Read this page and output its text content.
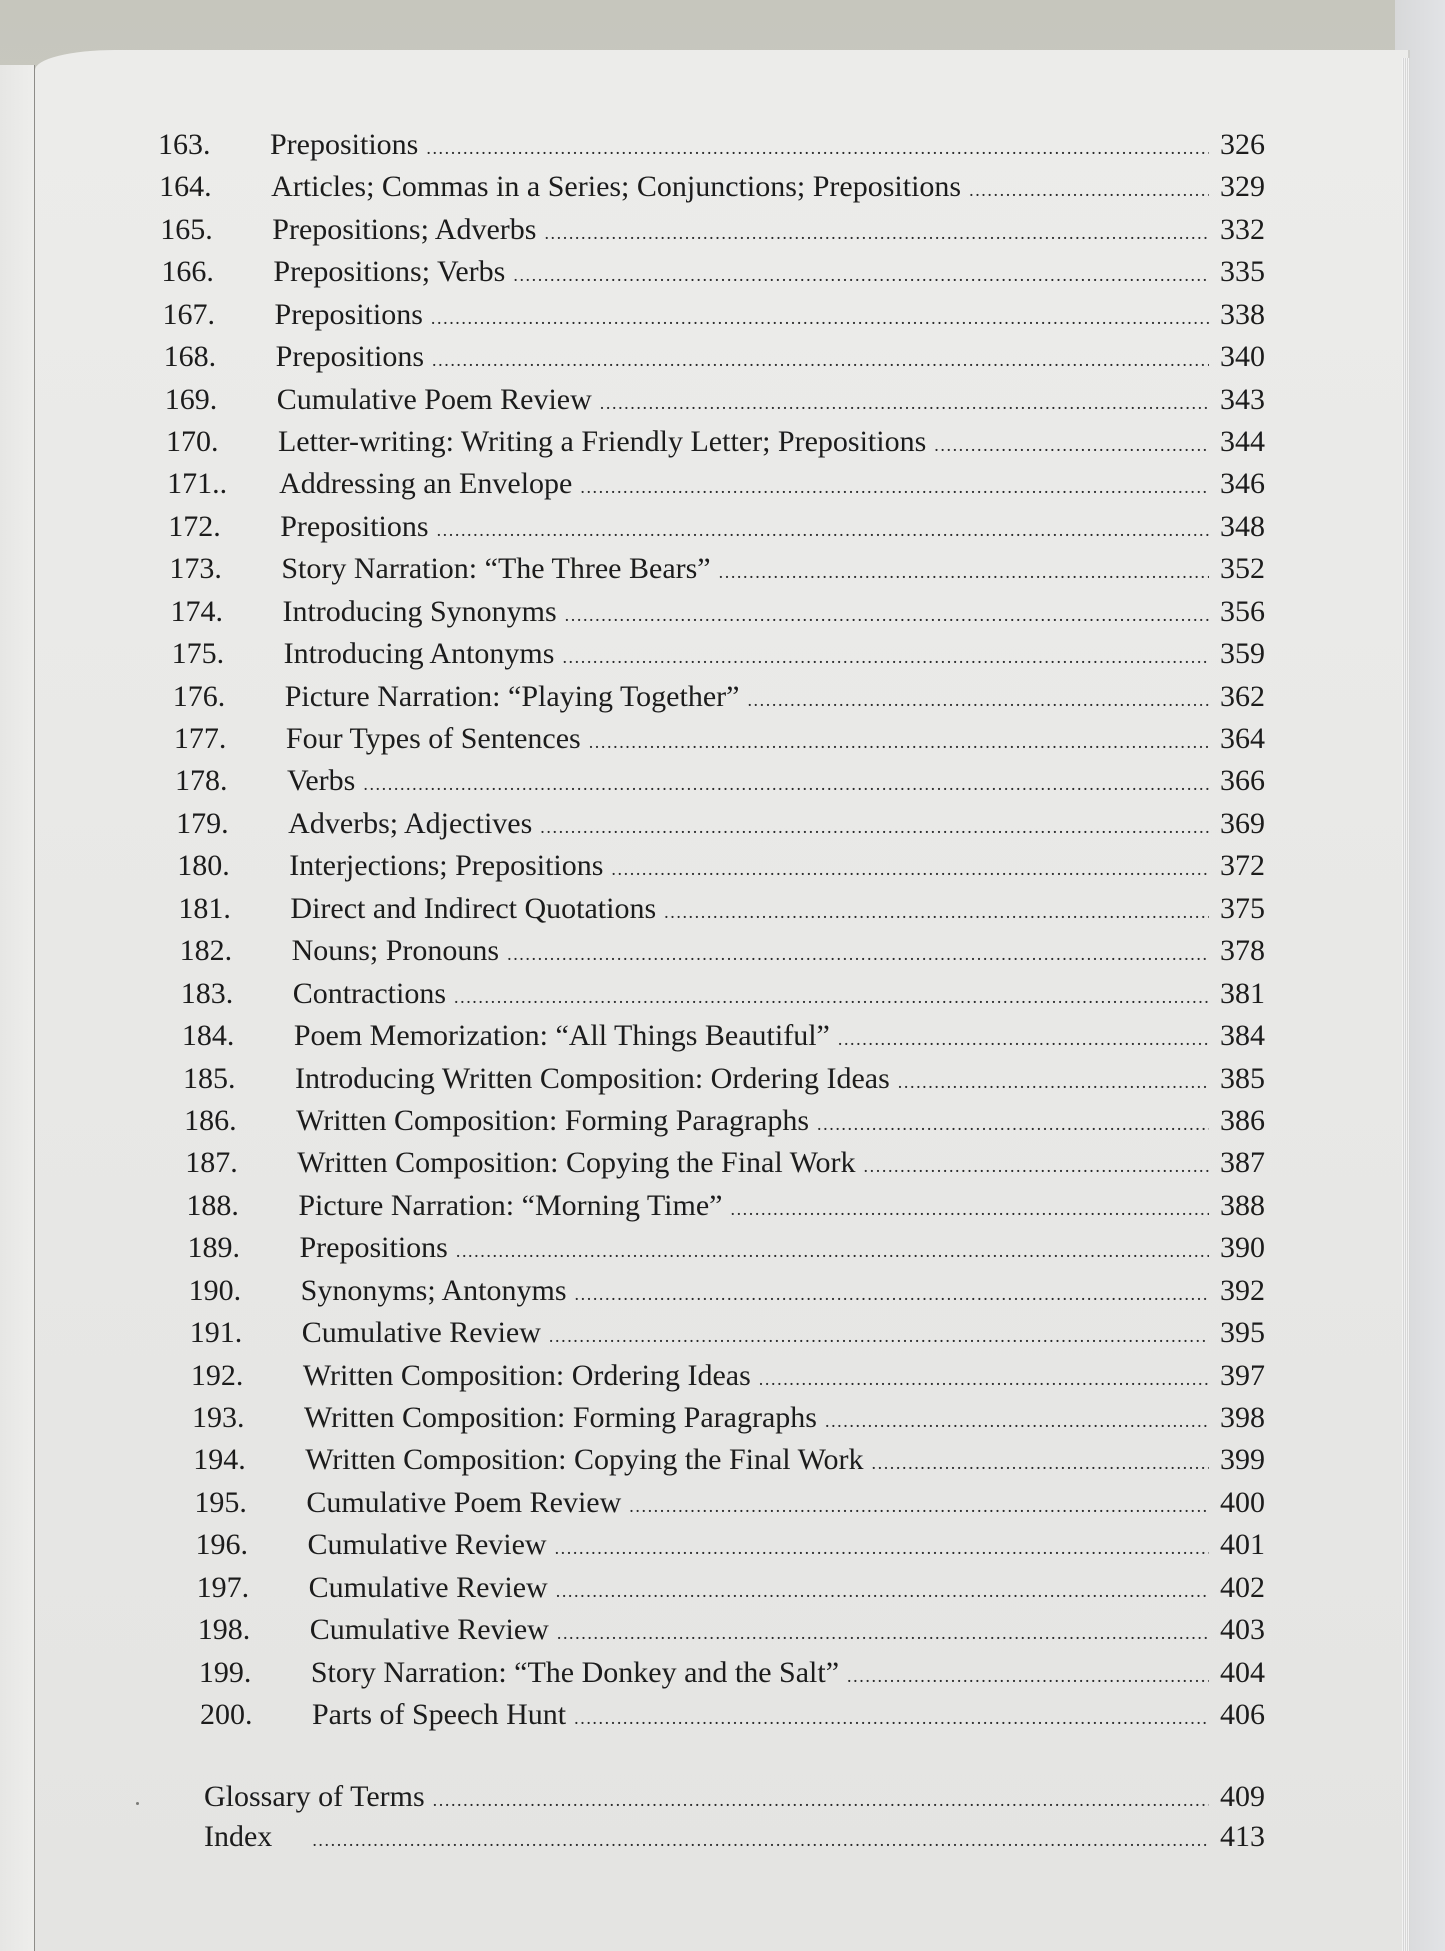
163.	Prepositions .....	326
164.	Articles; Commas in a Series; Conjunctions; Prepositions .....	329
165.	Prepositions; Adverbs .....	332
166.	Prepositions; Verbs .....	335
167.	Prepositions .....	338
168.	Prepositions .....	340
169.	Cumulative Poem Review .....	343
170.	Letter-writing: Writing a Friendly Letter; Prepositions .....	344
171..	Addressing an Envelope .....	346
172.	Prepositions .....	348
173.	Story Narration: “The Three Bears” .....	352
174.	Introducing Synonyms .....	356
175.	Introducing Antonyms .....	359
176.	Picture Narration: “Playing Together” .....	362
177.	Four Types of Sentences .....	364
178.	Verbs .....	366
179.	Adverbs; Adjectives .....	369
180.	Interjections; Prepositions .....	372
181.	Direct and Indirect Quotations .....	375
182.	Nouns; Pronouns .....	378
183.	Contractions .....	381
184.	Poem Memorization: “All Things Beautiful” .....	384
185.	Introducing Written Composition: Ordering Ideas .....	385
186.	Written Composition: Forming Paragraphs .....	386
187.	Written Composition: Copying the Final Work .....	387
188.	Picture Narration: “Morning Time” .....	388
189.	Prepositions .....	390
190.	Synonyms; Antonyms .....	392
191.	Cumulative Review .....	395
192.	Written Composition: Ordering Ideas .....	397
193.	Written Composition: Forming Paragraphs .....	398
194.	Written Composition: Copying the Final Work .....	399
195.	Cumulative Poem Review .....	400
196.	Cumulative Review .....	401
197.	Cumulative Review .....	402
198.	Cumulative Review .....	403
199.	Story Narration: “The Donkey and the Salt” .....	404
200.	Parts of Speech Hunt .....	406
Glossary of Terms .....	409
Index .....	413
